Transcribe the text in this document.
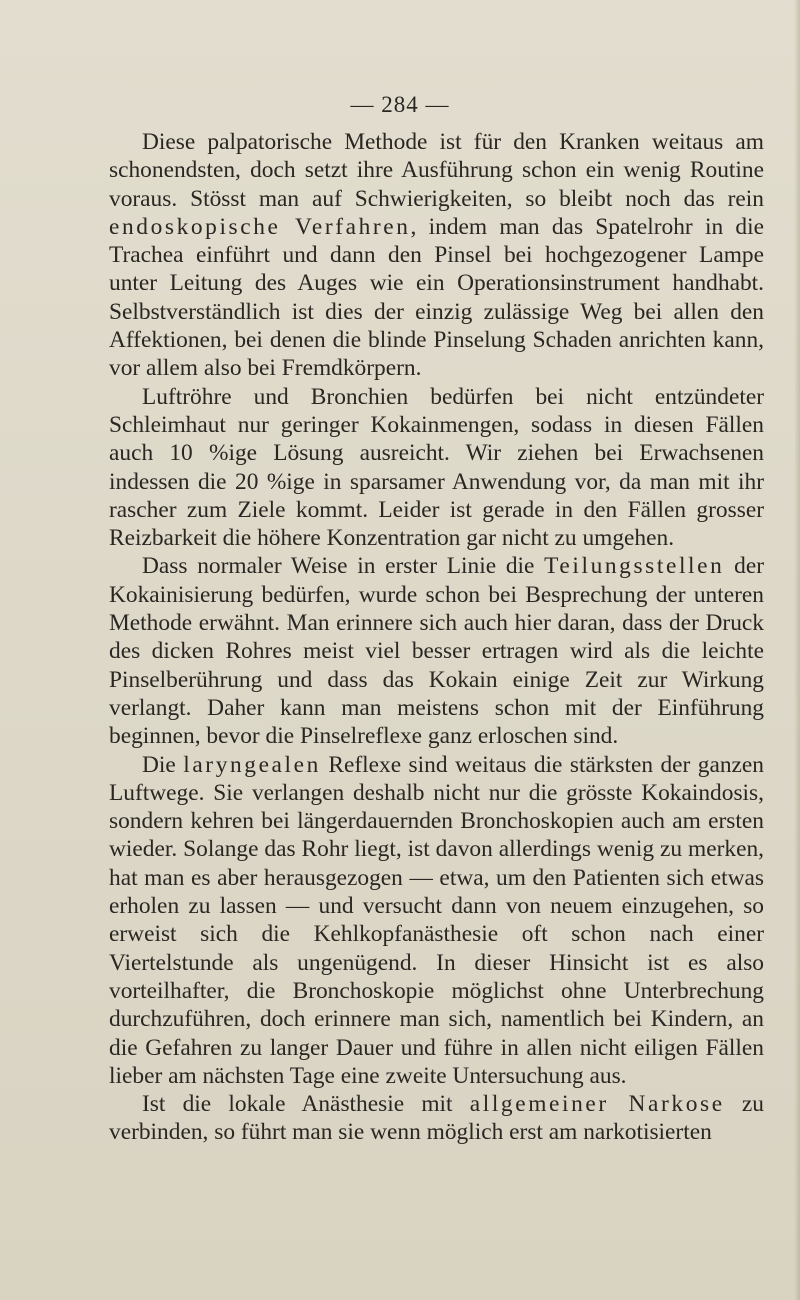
— 284 —

Diese palpatorische Methode ist für den Kranken weitaus am schonendsten, doch setzt ihre Ausführung schon ein wenig Routine voraus. Stösst man auf Schwierigkeiten, so bleibt noch das rein endoskopische Verfahren, indem man das Spatelrohr in die Trachea einführt und dann den Pinsel bei hochgezogener Lampe unter Leitung des Auges wie ein Operationsinstrument handhabt. Selbstverständlich ist dies der einzig zulässige Weg bei allen den Affektionen, bei denen die blinde Pinselung Schaden anrichten kann, vor allem also bei Fremdkörpern.

Luftröhre und Bronchien bedürfen bei nicht entzündeter Schleimhaut nur geringer Kokainmengen, sodass in diesen Fällen auch 10 %ige Lösung ausreicht. Wir ziehen bei Erwachsenen indessen die 20 %ige in sparsamer Anwendung vor, da man mit ihr rascher zum Ziele kommt. Leider ist gerade in den Fällen grosser Reizbarkeit die höhere Konzentration gar nicht zu umgehen.

Dass normaler Weise in erster Linie die Teilungsstellen der Kokainisierung bedürfen, wurde schon bei Besprechung der unteren Methode erwähnt. Man erinnere sich auch hier daran, dass der Druck des dicken Rohres meist viel besser ertragen wird als die leichte Pinselberührung und dass das Kokain einige Zeit zur Wirkung verlangt. Daher kann man meistens schon mit der Einführung beginnen, bevor die Pinselreflexe ganz erloschen sind.

Die laryngealen Reflexe sind weitaus die stärksten der ganzen Luftwege. Sie verlangen deshalb nicht nur die grösste Kokaindosis, sondern kehren bei längerdauernden Bronchoskopien auch am ersten wieder. Solange das Rohr liegt, ist davon allerdings wenig zu merken, hat man es aber herausgezogen — etwa, um den Patienten sich etwas erholen zu lassen — und versucht dann von neuem einzugehen, so erweist sich die Kehlkopfanästhesie oft schon nach einer Viertelstunde als ungenügend. In dieser Hinsicht ist es also vorteilhafter, die Bronchoskopie möglichst ohne Unterbrechung durchzuführen, doch erinnere man sich, namentlich bei Kindern, an die Gefahren zu langer Dauer und führe in allen nicht eiligen Fällen lieber am nächsten Tage eine zweite Untersuchung aus.

Ist die lokale Anästhesie mit allgemeiner Narkose zu verbinden, so führt man sie wenn möglich erst am narkotisierten
